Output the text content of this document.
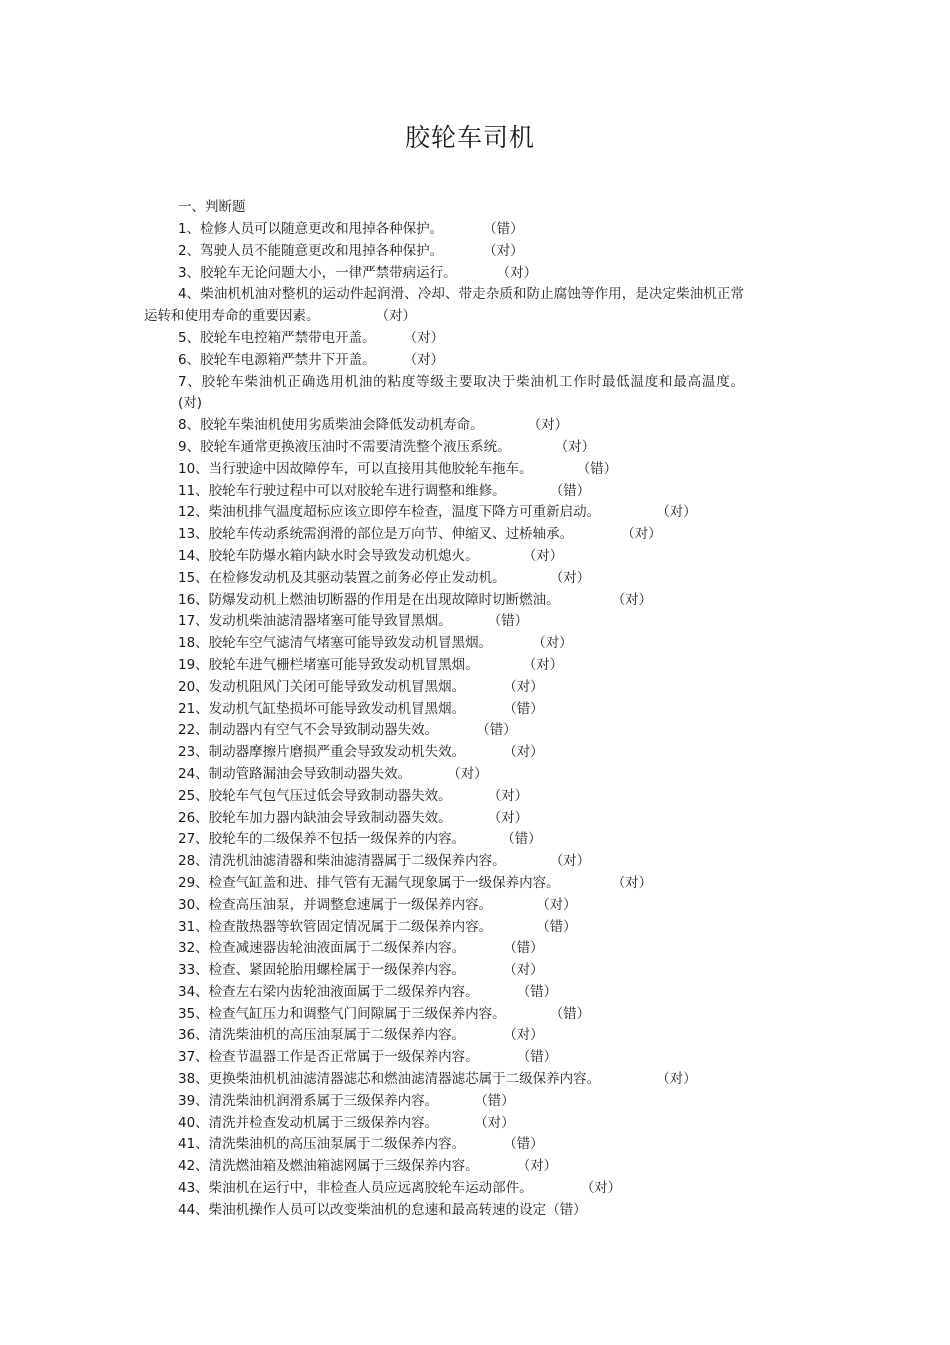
胶轮车司机
一、判断题
1、检修人员可以随意更改和甩掉各种保护。	（错）
2、驾驶人员不能随意更改和甩掉各种保护。	（对）
3、胶轮车无论问题大小，一律严禁带病运行。	（对）
4、柴油机机油对整机的运动件起润滑、冷却、带走杂质和防止腐蚀等作用，是决定柴油机正常运转和使用寿命的重要因素。	（对）
5、胶轮车电控箱严禁带电开盖。 （对）
6、胶轮车电源箱严禁井下开盖。 （对）
7、胶轮车柴油机正确选用机油的粘度等级主要取决于柴油机工作时最低温度和最高温度。(对)
8、胶轮车柴油机使用劣质柴油会降低发动机寿命。	（对）
9、胶轮车通常更换液压油时不需要清洗整个液压系统。	（对）
10、当行驶途中因故障停车，可以直接用其他胶轮车拖车。	（错）
11、胶轮车行驶过程中可以对胶轮车进行调整和维修。	（错）
12、柴油机排气温度超标应该立即停车检查，温度下降方可重新启动。	（对）
13、胶轮车传动系统需润滑的部位是万向节、伸缩叉、过桥轴承。	（对）
14、胶轮车防爆水箱内缺水时会导致发动机熄火。	（对）
15、在检修发动机及其驱动装置之前务必停止发动机。	（对）
16、防爆发动机上燃油切断器的作用是在出现故障时切断燃油。	（对）
17、发动机柴油滤清器堵塞可能导致冒黑烟。	（错）
18、胶轮车空气滤清气堵塞可能导致发动机冒黑烟。	（对）
19、胶轮车进气栅栏堵塞可能导致发动机冒黑烟。	（对）
20、发动机阻风门关闭可能导致发动机冒黑烟。	（对）
21、发动机气缸垫损坏可能导致发动机冒黑烟。	（错）
22、制动器内有空气不会导致制动器失效。	（错）
23、制动器摩擦片磨损严重会导致发动机失效。	（对）
24、制动管路漏油会导致制动器失效。	（对）
25、胶轮车气包气压过低会导致制动器失效。	（对）
26、胶轮车加力器内缺油会导致制动器失效。	（对）
27、胶轮车的二级保养不包括一级保养的内容。	（错）
28、清洗机油滤清器和柴油滤清器属于二级保养内容。	（对）
29、检查气缸盖和进、排气管有无漏气现象属于一级保养内容。	（对）
30、检查高压油泵，并调整怠速属于一级保养内容。	（对）
31、检查散热器等软管固定情况属于二级保养内容。	（错）
32、检查减速器齿轮油液面属于二级保养内容。	（错）
33、检查、紧固轮胎用螺栓属于一级保养内容。	（对）
34、检查左右梁内齿轮油液面属于二级保养内容。	（错）
35、检查气缸压力和调整气门间隙属于三级保养内容。	（错）
36、清洗柴油机的高压油泵属于二级保养内容。	（对）
37、检查节温器工作是否正常属于一级保养内容。	（错）
38、更换柴油机机油滤清器滤芯和燃油滤清器滤芯属于二级保养内容。	（对）
39、清洗柴油机润滑系属于三级保养内容。	（错）
40、清洗并检查发动机属于三级保养内容。	（对）
41、清洗柴油机的高压油泵属于二级保养内容。	（错）
42、清洗燃油箱及燃油箱滤网属于三级保养内容。	（对）
43、柴油机在运行中，非检查人员应远离胶轮车运动部件。	（对）
44、柴油机操作人员可以改变柴油机的怠速和最高转速的设定（错）
